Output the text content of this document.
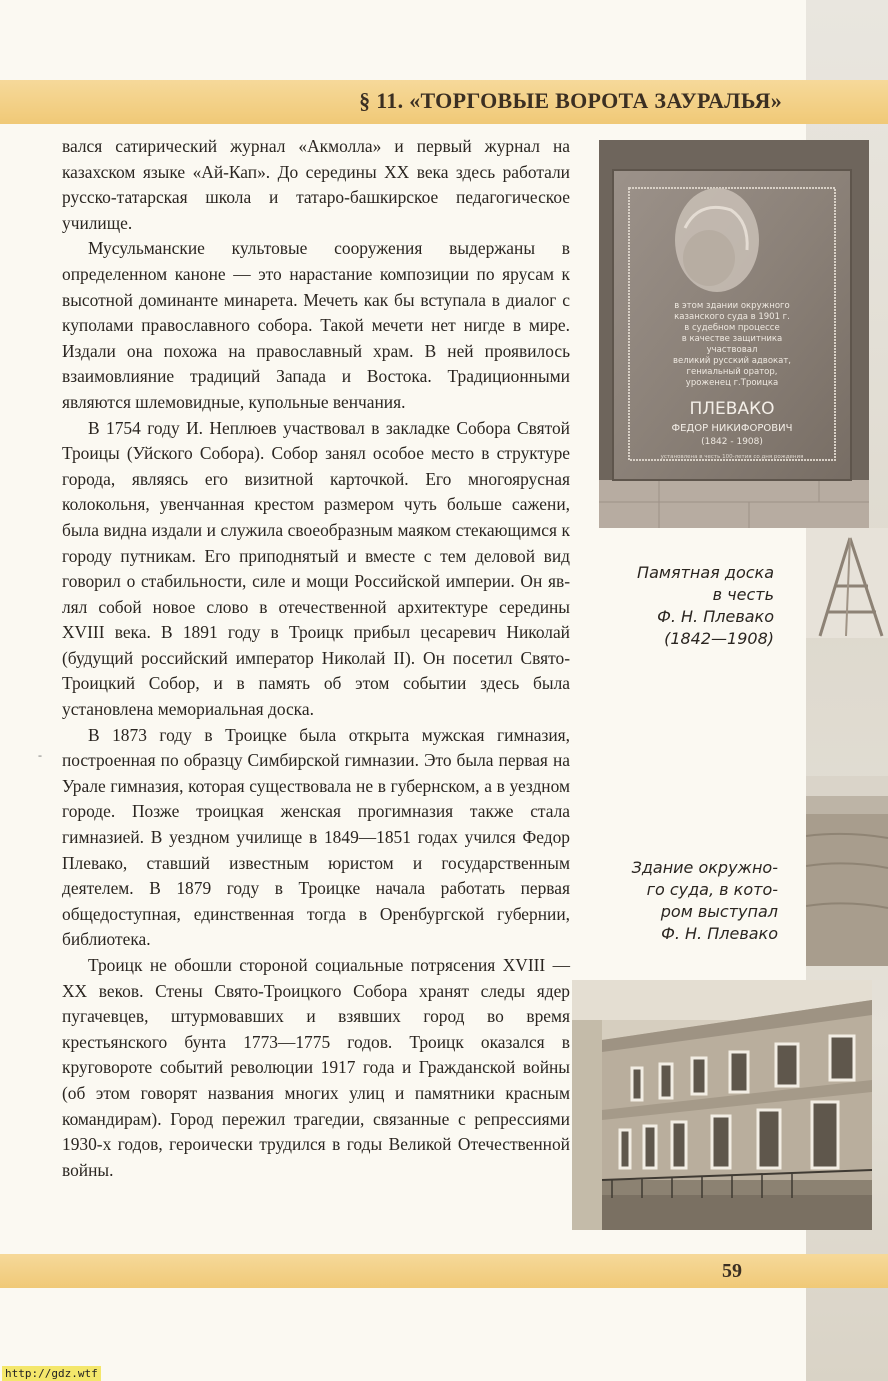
§ 11. «ТОРГОВЫЕ ВОРОТА ЗАУРАЛЬЯ»

вался сатирический журнал «Акмолла» и первый журнал на казахском языке «Ай-Кап». До середины XX века здесь работали русско-татарская школа и татаро-башкирское педагогическое училище.

Мусульманские культовые сооружения выдержаны в определенном каноне — это нарастание композиции по ярусам к высотной доминанте минарета. Мечеть как бы вступала в диалог с куполами православного собора. Такой мечети нет нигде в мире. Издали она похожа на православный храм. В ней проявилось взаимовлияние традиций Запада и Востока. Традиционными являются шлемовидные, купольные венчания.

В 1754 году И. Неплюев участвовал в закладке Собора Святой Троицы (Уйского Собора). Собор занял особое место в структуре города, являясь его визитной карточкой. Его многоярусная колокольня, увенчанная крестом размером чуть больше сажени, была видна издали и служила своеобразным маяком стекающимся к городу путникам. Его приподнятый и вместе с тем деловой вид говорил о стабильности, силе и мощи Российской империи. Он являл собой новое слово в отечественной архитектуре середины XVIII века. В 1891 году в Троицк прибыл цесаревич Николай (будущий российский император Николай II). Он посетил Свято-Троицкий Собор, и в память об этом событии здесь была установлена мемориальная доска.

В 1873 году в Троицке была открыта мужская гимназия, построенная по образцу Симбирской гимназии. Это была первая на Урале гимназия, которая существовала не в губернском, а в уездном городе. Позже троицкая женская прогимназия также стала гимназией. В уездном училище в 1849—1851 годах учился Федор Плевако, ставший известным юристом и государственным деятелем. В 1879 году в Троицке начала работать первая общедоступная, единственная тогда в Оренбургской губернии, библиотека.

Троицк не обошли стороной социальные потрясения XVIII — XX веков. Стены Свято-Троицкого Собора хранят следы ядер пугачевцев, штурмовавших и взявших город во время крестьянского бунта 1773—1775 годов. Троицк оказался в круговороте событий революции 1917 года и Гражданской войны (об этом говорят названия многих улиц и памятники красным командирам). Город пережил трагедии, связанные с репрессиями 1930-х годов, героически трудился в годы Великой Отечественной войны.

-
в этом здании окружного
казанского суда в 1901 г.
в судебном процессе
в качестве защитника
участвовал
великий русский адвокат,
гениальный оратор,
уроженец г.Троицка
ПЛЕВАКО
ФЕДОР НИКИФОРОВИЧ
(1842 - 1908)
установлена в честь 100-летия со дня рождения
Памятная доска
в честь
Ф. Н. Плевако
(1842—1908)
Здание окружно-
го суда, в кото-
ром выступал
Ф. Н. Плевако
59
http://gdz.wtf
